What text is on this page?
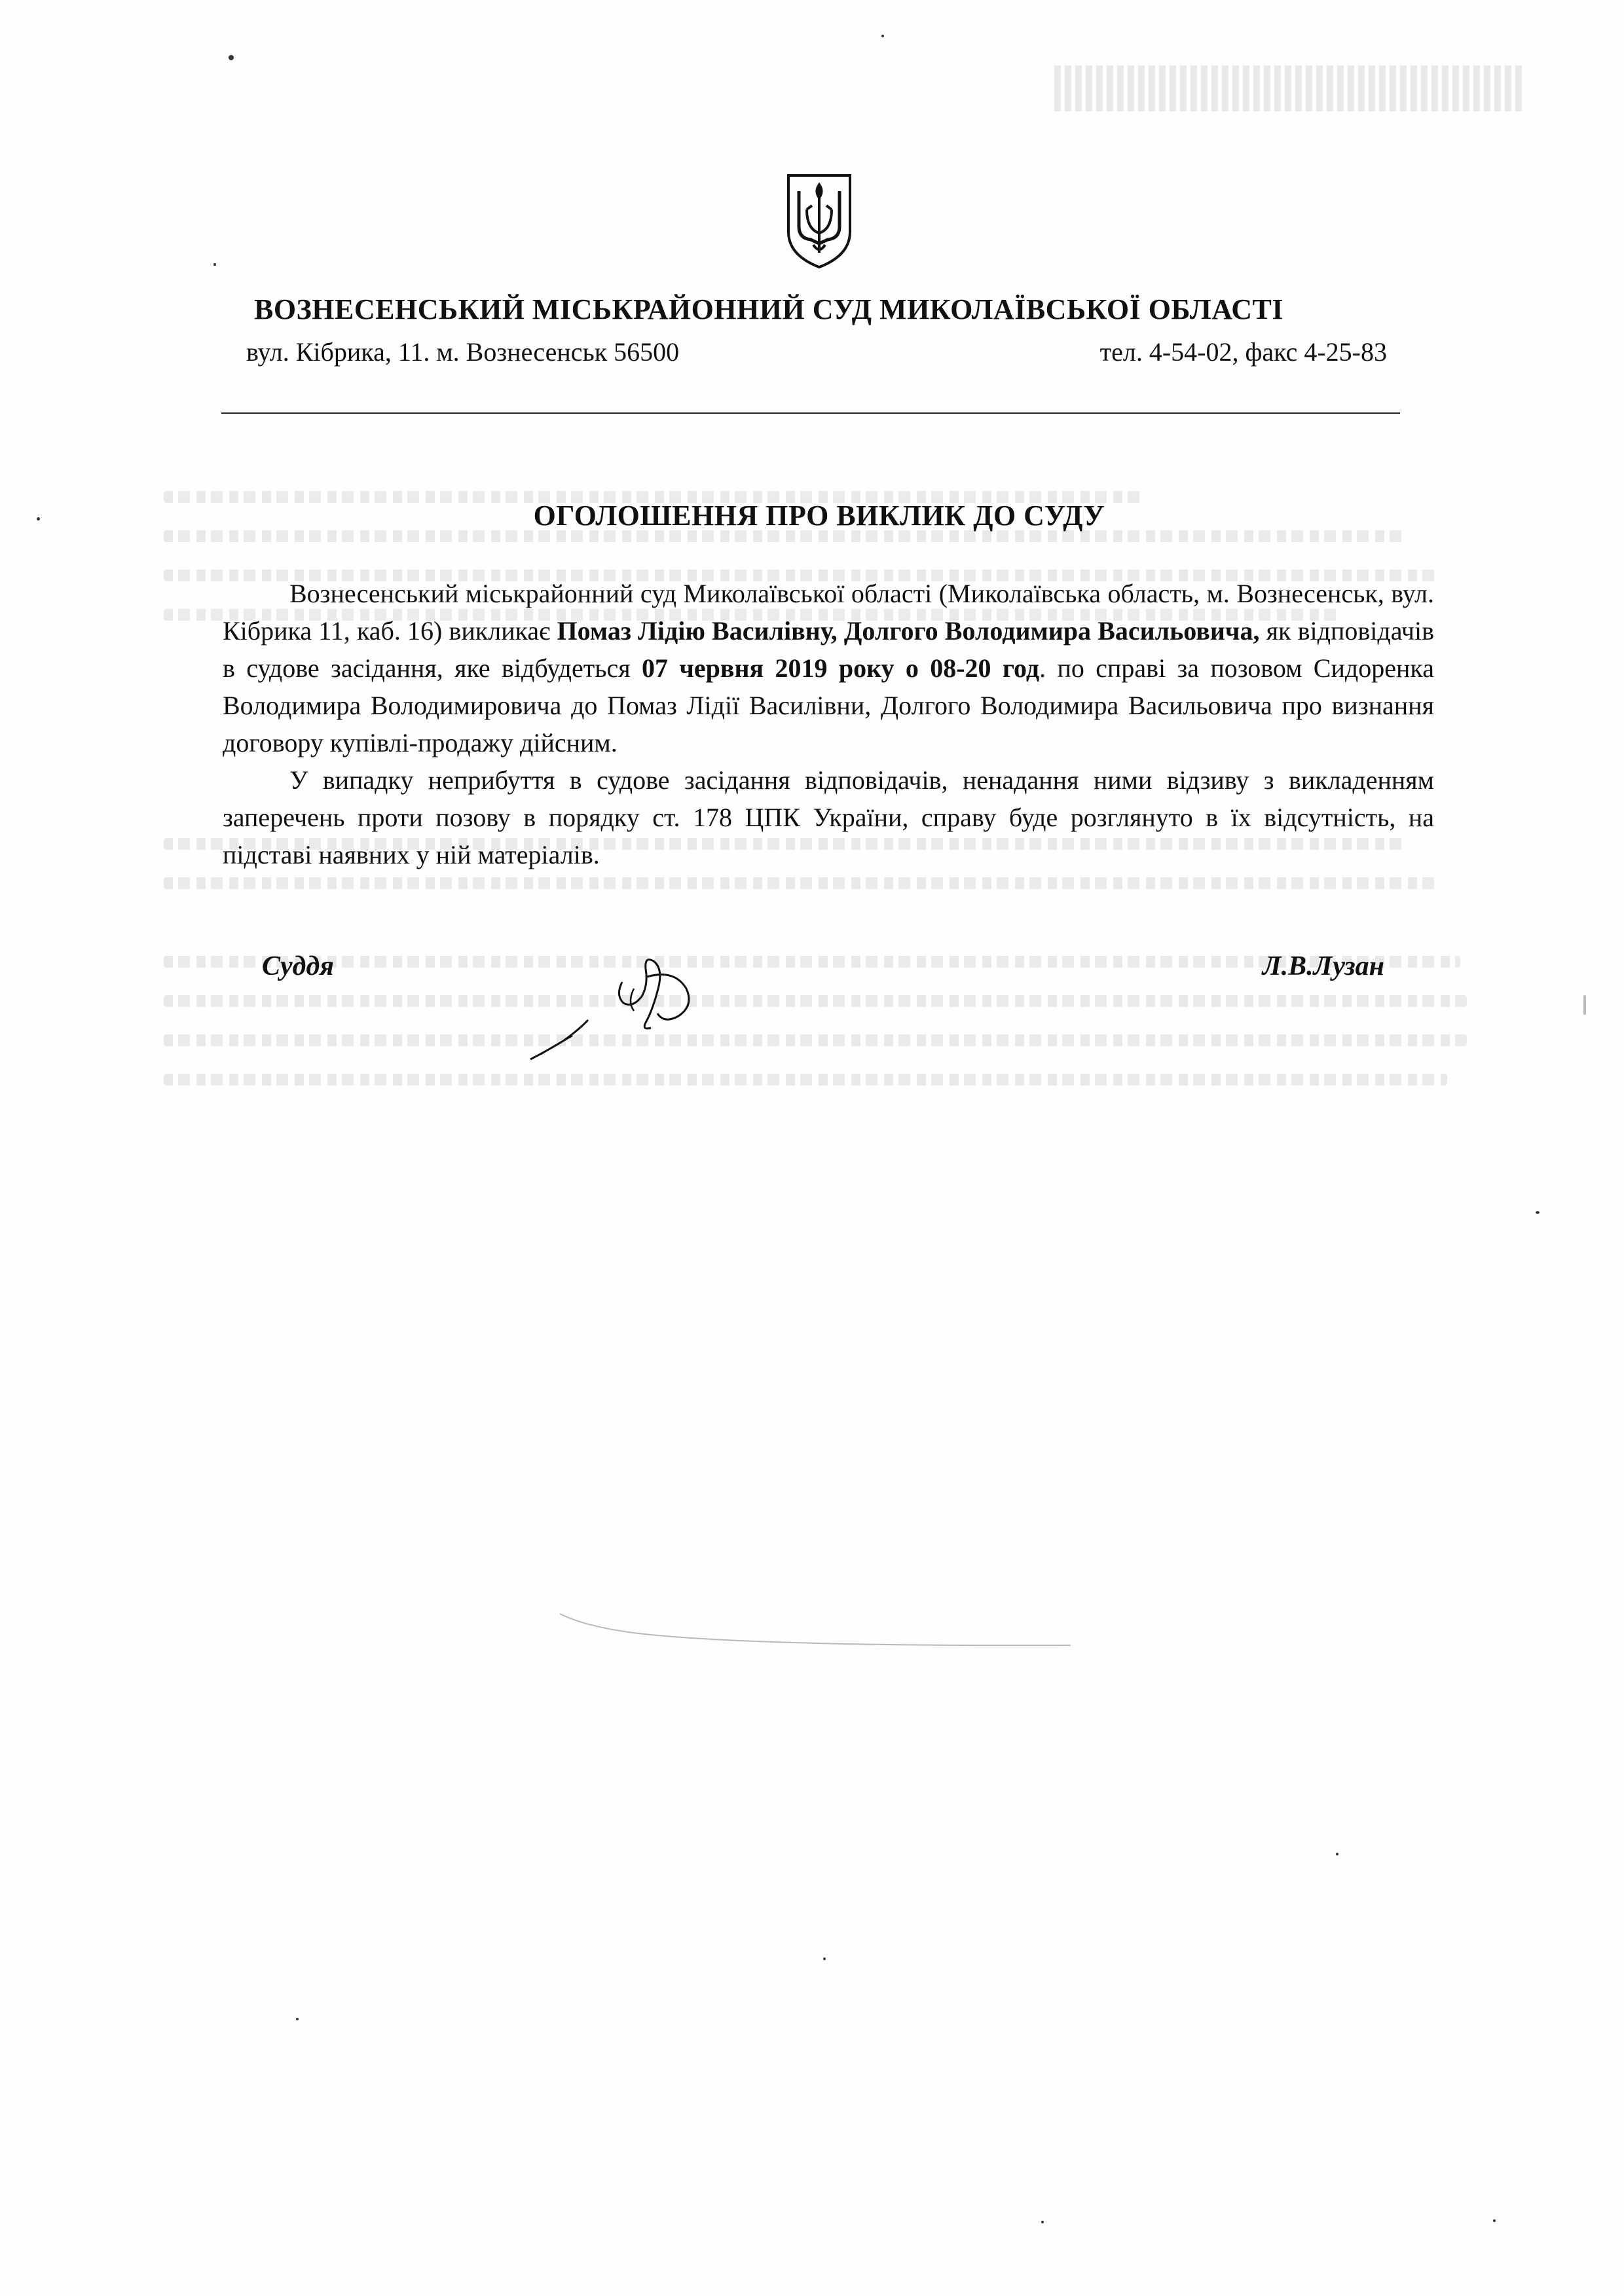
ВОЗНЕСЕНСЬКИЙ МІСЬКРАЙОННИЙ СУД МИКОЛАЇВСЬКОЇ ОБЛАСТІ
вул. Кібрика, 11. м. Вознесенськ 56500	тел. 4-54-02, факс 4-25-83
ОГОЛОШЕННЯ ПРО ВИКЛИК ДО СУДУ

Вознесенський міськрайонний суд Миколаївської області (Миколаївська область, м. Вознесенськ, вул. Кібрика 11, каб. 16) викликає Помаз Лідію Василівну, Долгого Володимира Васильовича, як відповідачів в судове засідання, яке відбудеться 07 червня 2019 року о 08-20 год. по справі за позовом Сидоренка Володимира Володимировича до Помаз Лідії Василівни, Долгого Володимира Васильовича про визнання договору купівлі-продажу дійсним.

У випадку неприбуття в судове засідання відповідачів, ненадання ними відзиву з викладенням заперечень проти позову в порядку ст. 178 ЦПК України, справу буде розглянуто в їх відсутність, на підставі наявних у ній матеріалів.

Суддя	Л.В.Лузан
